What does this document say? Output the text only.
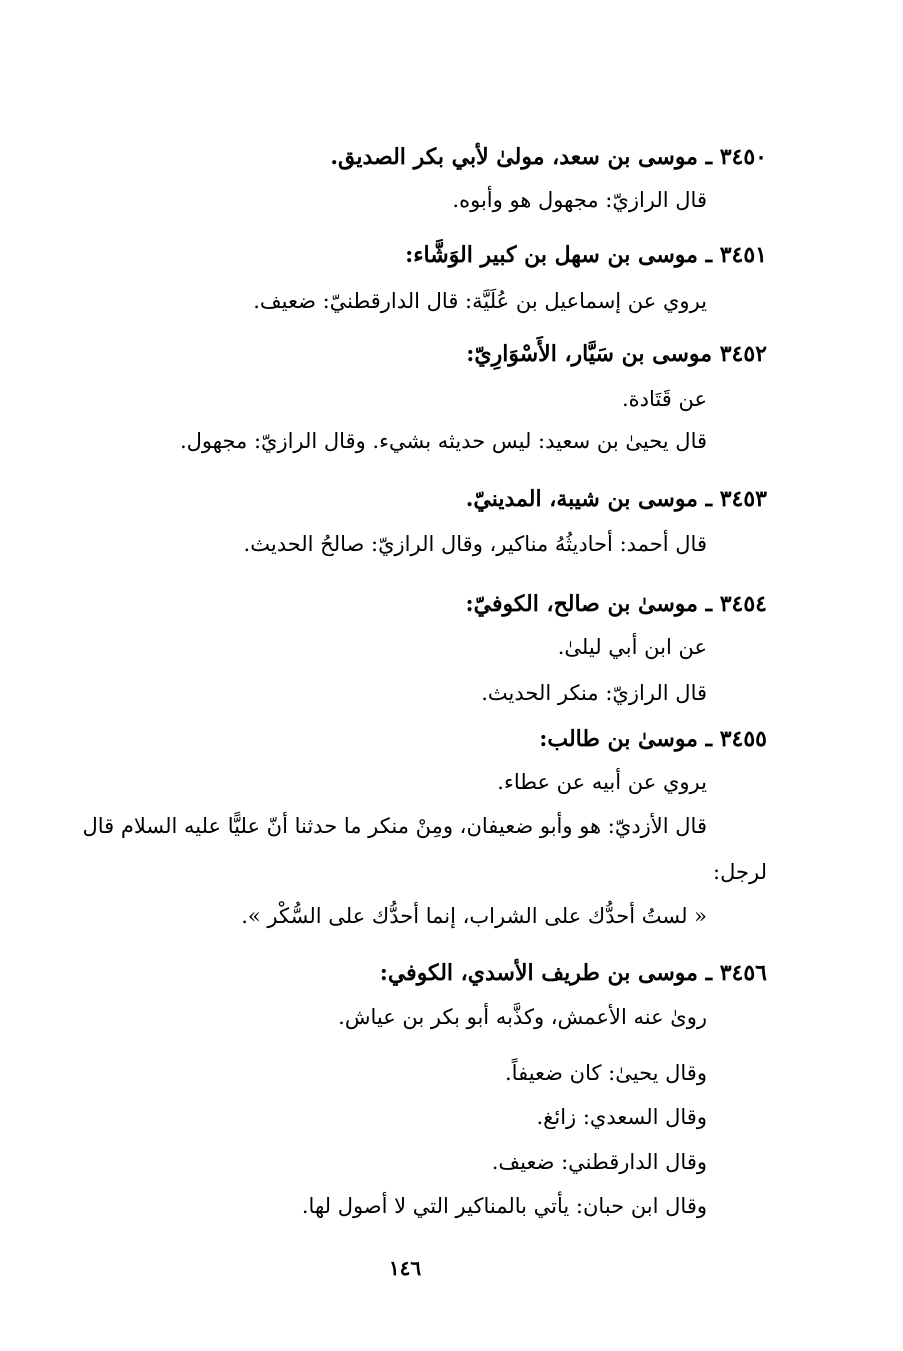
٣٤٥٠ ـ موسى بن سعد، مولىٰ لأبي بكر الصديق.
قال الرازيّ: مجهول هو وأبوه.
٣٤٥١ ـ موسى بن سهل بن كبير الوَشَّاء:
يروي عن إسماعيل بن عُلَيَّة: قال الدارقطنيّ: ضعيف.
٣٤٥٢ موسى بن سَيَّار، الأَسْوَارِيّ:
عن قَتَادة.
قال يحيىٰ بن سعيد: ليس حديثه بشيء. وقال الرازيّ: مجهول.
٣٤٥٣ ـ موسى بن شيبة، المدينيّ.
قال أحمد: أحاديثُهُ مناكير، وقال الرازيّ: صالحُ الحديث.
٣٤٥٤ ـ موسىٰ بن صالح، الكوفيّ:
عن ابن أبي ليلىٰ.
قال الرازيّ: منكر الحديث.
٣٤٥٥ ـ موسىٰ بن طالب:
يروي عن أبيه عن عطاء.
قال الأزديّ: هو وأبو ضعيفان، ومِنْ منكر ما حدثنا أنّ عليًّا عليه السلام قال
لرجل:
« لستُ أحدُّك على الشراب، إنما أحدُّك على السُّكْر ».
٣٤٥٦ ـ موسى بن طريف الأسدي، الكوفي:
روىٰ عنه الأعمش، وكذَّبه أبو بكر بن عياش.
وقال يحيىٰ: كان ضعيفاً.
وقال السعدي: زائغ.
وقال الدارقطني: ضعيف.
وقال ابن حبان: يأتي بالمناكير التي لا أصول لها.
١٤٦
